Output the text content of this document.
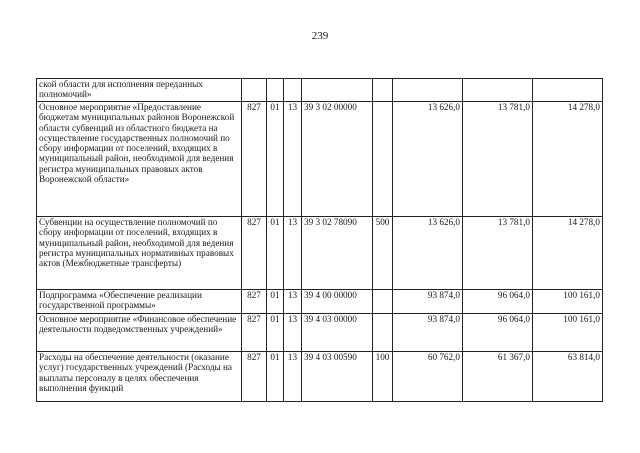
239
ской области для исполнения переданных полномочий»								
Основное мероприятие «Предоставление бюджетам муниципальных районов Воронежской области субвенций из областного бюджета на осуществление государственных полномочий по сбору информации от поселений, входящих в муниципальный район, необходимой для ведения регистра муниципальных правовых актов Воронежской области»	827	01	13	39 3 02 00000		13 626,0	13 781,0	14 278,0
Субвенции на осуществление полномочий по сбору информации от поселений, входящих в муниципальный район, необходимой для ведения регистра муниципальных нормативных правовых актов (Межбюджетные трансферты)	827	01	13	39 3 02 78090	500	13 626,0	13 781,0	14 278,0
Подпрограмма «Обеспечение реализации государственной программы»	827	01	13	39 4 00 00000		93 874,0	96 064,0	100 161,0
Основное мероприятие «Финансовое обеспечение деятельности подведомственных учреждений»	827	01	13	39 4 03 00000		93 874,0	96 064,0	100 161,0
Расходы на обеспечение деятельности (оказание услуг) государственных учреждений (Расходы на выплаты персоналу в целях обеспечения выполнения функций	827	01	13	39 4 03 00590	100	60 762,0	61 367,0	63 814,0
